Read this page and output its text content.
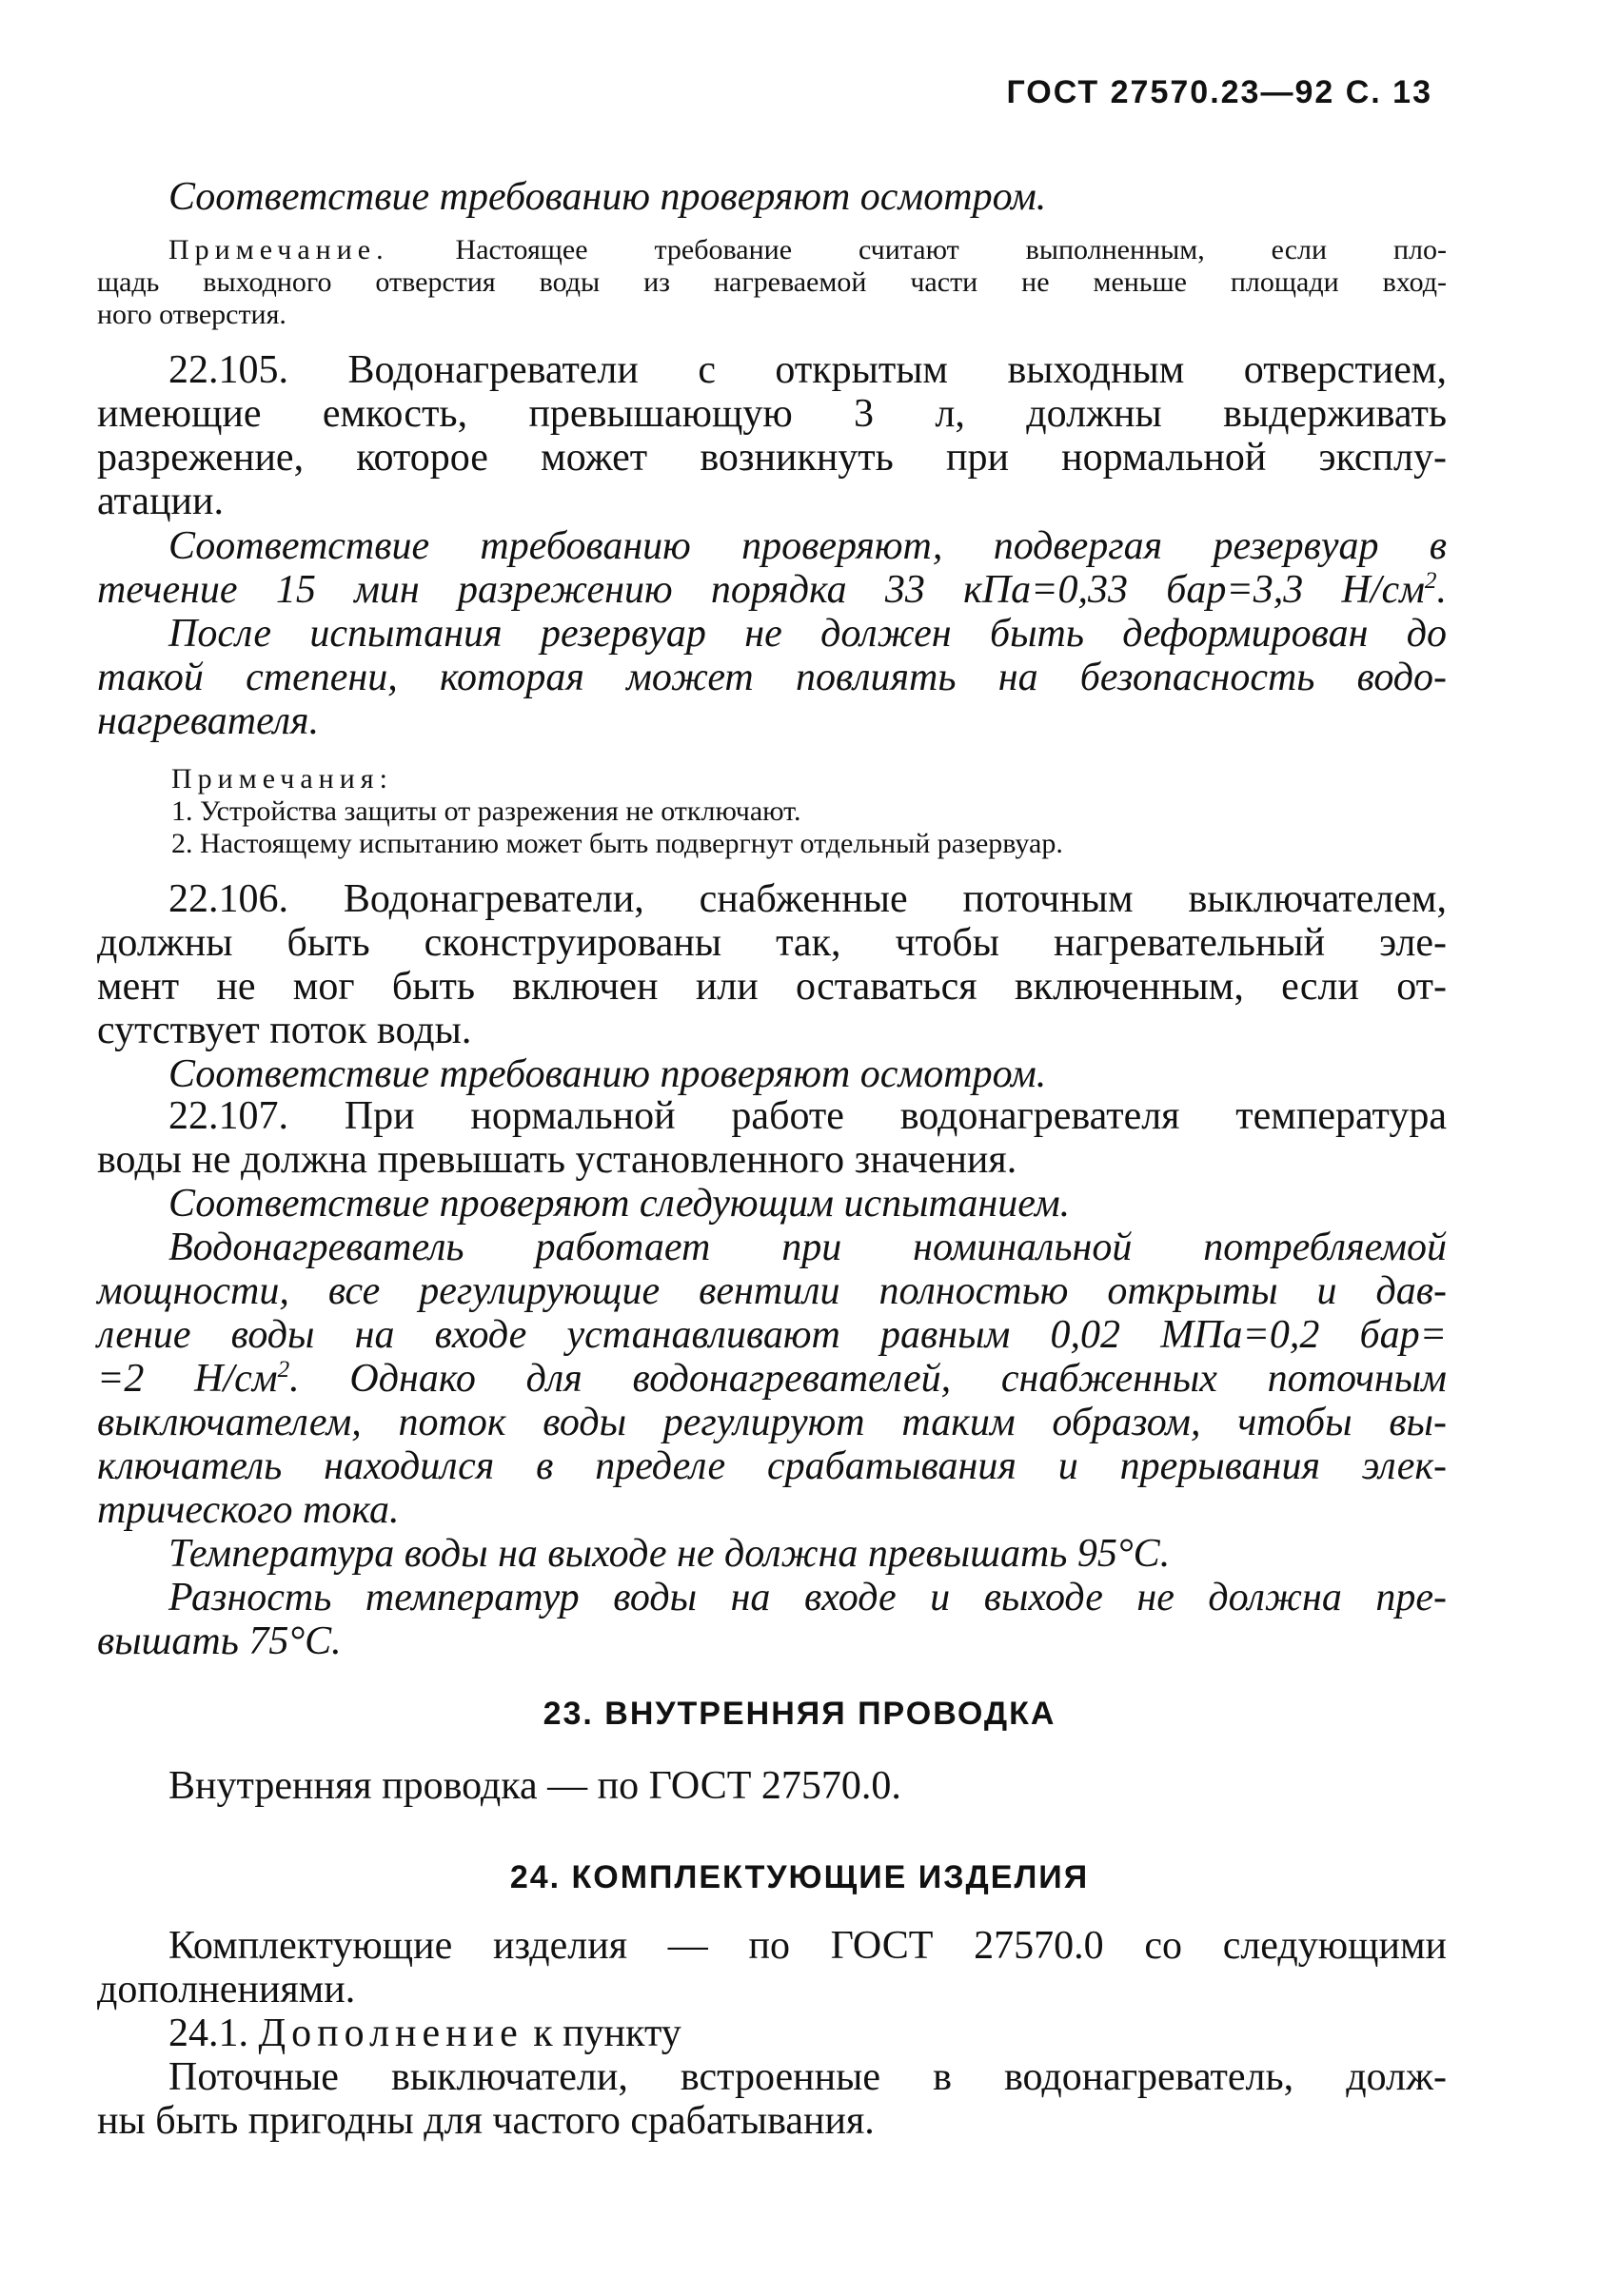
ГОСТ 27570.23—92 С. 13
Соответствие требованию проверяют осмотром.
Примечание. Настоящее требование считают выполненным, если пло-
щадь выходного отверстия воды из нагреваемой части не меньше площади вход-
ного отверстия.
22.105. Водонагреватели с открытым выходным отверстием,
имеющие емкость, превышающую 3 л, должны выдерживать
разрежение, которое может возникнуть при нормальной эксплу-
атации.
Соответствие требованию проверяют, подвергая резервуар в
течение 15 мин разрежению порядка 33 кПа=0,33 бар=3,3 $Н/см^2$.
После испытания резервуар не должен быть деформирован до
такой степени, которая может повлиять на безопасность водо-
нагревателя.
Примечания:
1. Устройства защиты от разрежения не отключают.
2. Настоящему испытанию может быть подвергнут отдельный разервуар.
22.106. Водонагреватели, снабженные поточным выключателем,
должны быть сконструированы так, чтобы нагревательный эле-
мент не мог быть включен или оставаться включенным, если от-
сутствует поток воды.
Соответствие требованию проверяют осмотром.
22.107. При нормальной работе водонагревателя температура
воды не должна превышать установленного значения.
Соответствие проверяют следующим испытанием.
Водонагреватель работает при номинальной потребляемой
мощности, все регулирующие вентили полностью открыты и дав-
ление воды на входе устанавливают равным 0,02 МПа=0,2 бар=
=2 $Н/см^2$. Однако для водонагревателей, снабженных поточным
выключателем, поток воды регулируют таким образом, чтобы вы-
ключатель находился в пределе срабатывания и прерывания элек-
трического тока.
Температура воды на выходе не должна превышать 95°С.
Разность температур воды на входе и выходе не должна пре-
вышать 75°С.
23. ВНУТРЕННЯЯ ПРОВОДКА
Внутренняя проводка — по ГОСТ 27570.0.
24. КОМПЛЕКТУЮЩИЕ ИЗДЕЛИЯ
Комплектующие изделия — по ГОСТ 27570.0 со следующими
дополнениями.
24.1. Дополнение к пункту
Поточные выключатели, встроенные в водонагреватель, долж-
ны быть пригодны для частого срабатывания.
